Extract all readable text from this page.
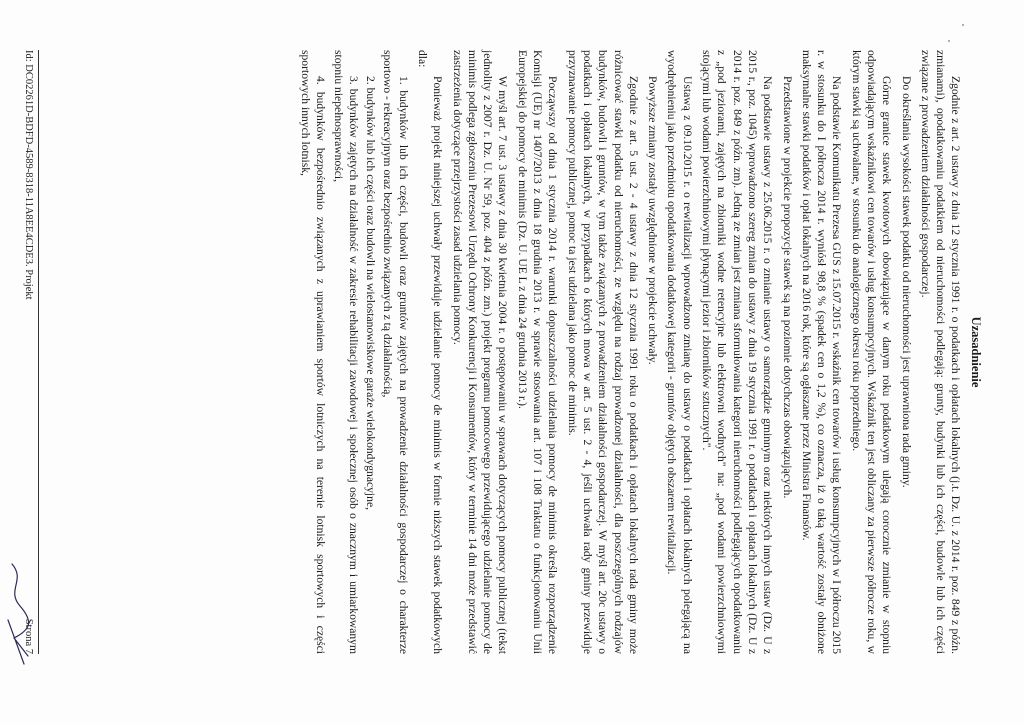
Uzasadnienie

Zgodnie z art. 2 ustawy z dnia 12 stycznia 1991 r. o podatkach i opłatach lokalnych (j.t. Dz. U. z 2014 r. poz. 849 z późn. zmianami), opodatkowaniu podatkiem od nieruchomości podlegają: grunty, budynki lub ich części, budowle lub ich części związane z prowadzeniem działalności gospodarczej.

Do określania wysokości stawek podatku od nieruchomości jest uprawniona rada gminy.

Górne granice stawek kwotowych obowiązujące w danym roku podatkowym ulegają corocznie zmianie w stopniu odpowiadającym wskaźnikowi cen towarów i usług konsumpcyjnych. Wskaźnik ten jest obliczany za pierwsze półrocze roku, w którym stawki są uchwalane, w stosunku do analogicznego okresu roku poprzedniego.

Na podstawie Komunikatu Prezesa GUS z 15.07.2015 r. wskaźnik cen towarów i usług konsumpcyjnych w I półroczu 2015 r. w stosunku do I półrocza 2014 r. wyniósł 98,8 % (spadek cen o 1,2 %), co oznacza, iż o taką wartość zostały obniżone maksymalne stawki podatków i opłat lokalnych na 2016 rok, które są ogłaszane przez Ministra Finansów.

Przedstawione w projekcie propozycje stawek są na poziomie dotychczas obowiązujących.

Na podstawie ustawy z 25.06.2015 r. o zmianie ustawy o samorządzie gminnym oraz niektórych innych ustaw (Dz. U z 2015 r., poz. 1045) wprowadzono szereg zmian do ustawy z dnia 19 stycznia 1991 r. o podatkach i opłatach lokalnych (Dz. U z 2014 r. poz. 849 z późn. zm). Jedną ze zmian jest zmiana sformułowania kategorii nieruchomości podlegających opodatkowaniu z „pod jeziorami, zajętych na zbiorniki wodne retencyjne lub elektrowni wodnych" na: „pod wodami powierzchniowymi stojącymi lub wodami powierzchniowymi płynącymi jezior i zbiorników sztucznych".

Ustawą z 09.10.2015 r. o rewitalizacji wprowadzono zmianę do ustawy o podatkach i opłatach lokalnych polegającą na wyodrębnieniu jako przedmiotu opodatkowania dodatkowej kategorii - gruntów objętych obszarem rewitalizacji.

Powyższe zmiany zostały uwzględnione w projekcie uchwały.

Zgodnie z art. 5 ust. 2 - 4 ustawy z dnia 12 stycznia 1991 roku o podatkach i opłatach lokalnych rada gminy może różnicować stawki podatku od nieruchomości, ze względu na rodzaj prowadzonej działalności, dla poszczególnych rodzajów budynków, budowli i gruntów, w tym także związanych z prowadzeniem działalności gospodarczej. W myśl art. 20c ustawy o podatkach i opłatach lokalnych, w przypadkach o których mowa w art. 5 ust. 2 - 4, jeśli uchwała rady gminy przewiduje przyznawanie pomocy publicznej, pomoc ta jest udzielana jako pomoc de minimis.

Począwszy od dnia 1 stycznia 2014 r. warunki dopuszczalności udzielania pomocy de minimis określa rozporządzenie Komisji (UE) nr 1407/2013 z dnia 18 grudnia 2013 r. w sprawie stosowania art. 107 i 108 Traktatu o funkcjonowaniu Unii Europejskiej do pomocy de minimis (Dz. U. UE L z dnia 24 grudnia 2013 r.).

W myśl art. 7 ust. 3 ustawy z dnia 30 kwietnia 2004 r. o postępowaniu w sprawach dotyczących pomocy publicznej (tekst jednolity z 2007 r. Dz. U. Nr 59, poz. 404 z późn. zm.) projekt programu pomocowego przewidującego udzielanie pomocy de minimis podlega zgłoszeniu Prezesowi Urzędu Ochrony Konkurencji i Konsumentów, który w terminie 14 dni może przedstawić zastrzeżenia dotyczące przejrzystości zasad udzielania pomocy.

Ponieważ projekt niniejszej uchwały przewiduje udzielanie pomocy de minimis w formie niższych stawek podatkowych dla:

1. budynków lub ich części, budowli oraz gruntów zajętych na prowadzenie działalności gospodarczej o charakterze sportowo - rekreacyjnym oraz bezpośrednio związanych z tą działalnością,
2. budynków lub ich części oraz budowli na wielostanowiskowe garaże wielokondygnacyjne,
3. budynków zajętych na działalność w zakresie rehabilitacji zawodowej i społecznej osób o znacznym i umiarkowanym stopniu niepełnosprawności,
4. budynków bezpośrednio związanych z uprawianiem sportów lotniczych na terenie lotnisk sportowych i części sportowych innych lotnisk,
Id: DC02261D-BDFD-4589-8318-11A8EE4CDE3. Projekt
Strona 7
